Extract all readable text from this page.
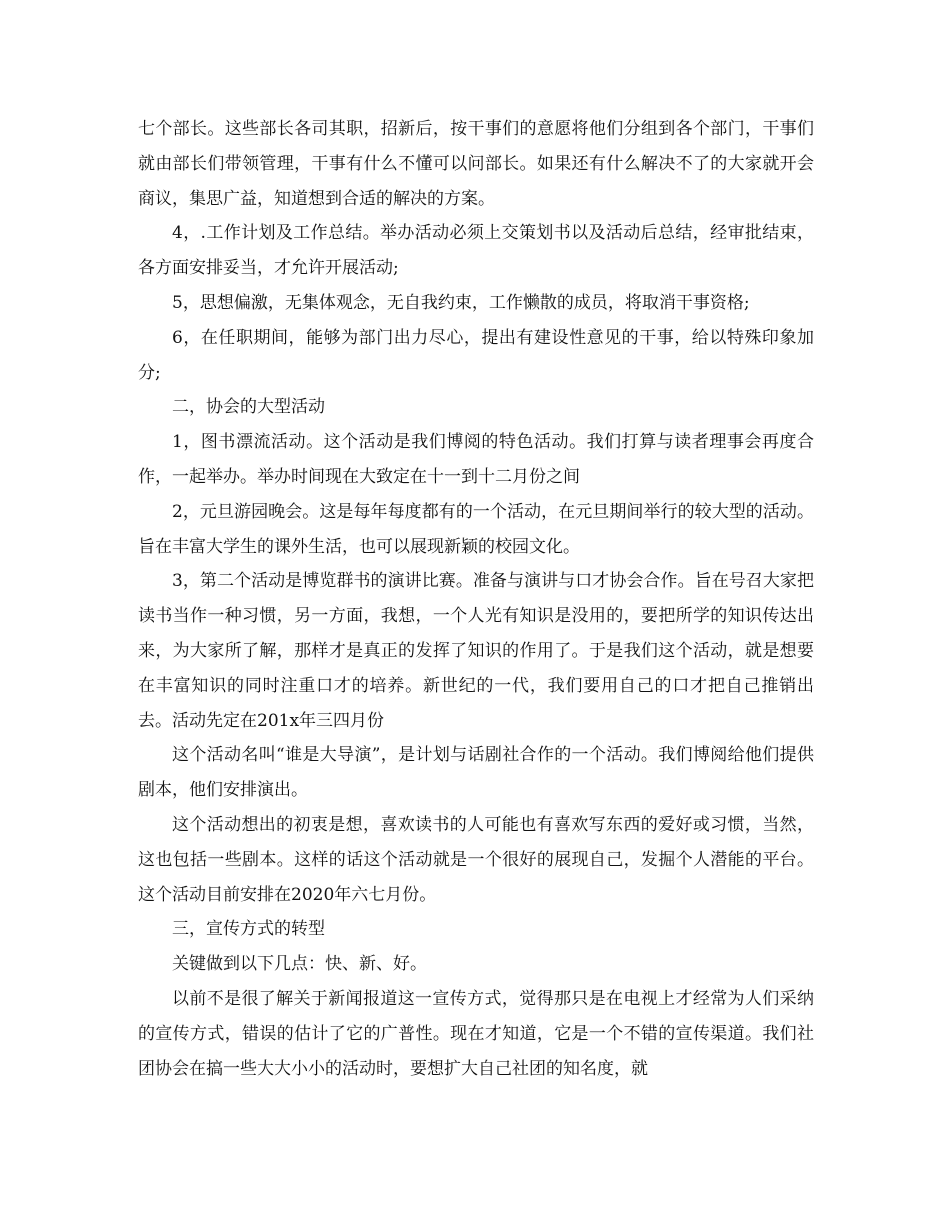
七个部长。这些部长各司其职，招新后，按干事们的意愿将他们分组到各个部门，干事们就由部长们带领管理，干事有什么不懂可以问部长。如果还有什么解决不了的大家就开会商议，集思广益，知道想到合适的解决的方案。

4，.工作计划及工作总结。举办活动必须上交策划书以及活动后总结，经审批结束，各方面安排妥当，才允许开展活动;

5，思想偏激，无集体观念，无自我约束，工作懒散的成员，将取消干事资格;

6，在任职期间，能够为部门出力尽心，提出有建设性意见的干事，给以特殊印象加分;

二，协会的大型活动

1，图书漂流活动。这个活动是我们博阅的特色活动。我们打算与读者理事会再度合作，一起举办。举办时间现在大致定在十一到十二月份之间

2，元旦游园晚会。这是每年每度都有的一个活动，在元旦期间举行的较大型的活动。旨在丰富大学生的课外生活，也可以展现新颖的校园文化。

3，第二个活动是博览群书的演讲比赛。准备与演讲与口才协会合作。旨在号召大家把读书当作一种习惯，另一方面，我想，一个人光有知识是没用的，要把所学的知识传达出来，为大家所了解，那样才是真正的发挥了知识的作用了。于是我们这个活动，就是想要在丰富知识的同时注重口才的培养。新世纪的一代，我们要用自己的口才把自己推销出去。活动先定在201x年三四月份

这个活动名叫“谁是大导演”，是计划与话剧社合作的一个活动。我们博阅给他们提供剧本，他们安排演出。

这个活动想出的初衷是想，喜欢读书的人可能也有喜欢写东西的爱好或习惯，当然，这也包括一些剧本。这样的话这个活动就是一个很好的展现自己，发掘个人潜能的平台。这个活动目前安排在2020年六七月份。

三，宣传方式的转型

关键做到以下几点：快、新、好。

以前不是很了解关于新闻报道这一宣传方式，觉得那只是在电视上才经常为人们采纳的宣传方式，错误的估计了它的广普性。现在才知道，它是一个不错的宣传渠道。我们社团协会在搞一些大大小小的活动时，要想扩大自己社团的知名度，就
